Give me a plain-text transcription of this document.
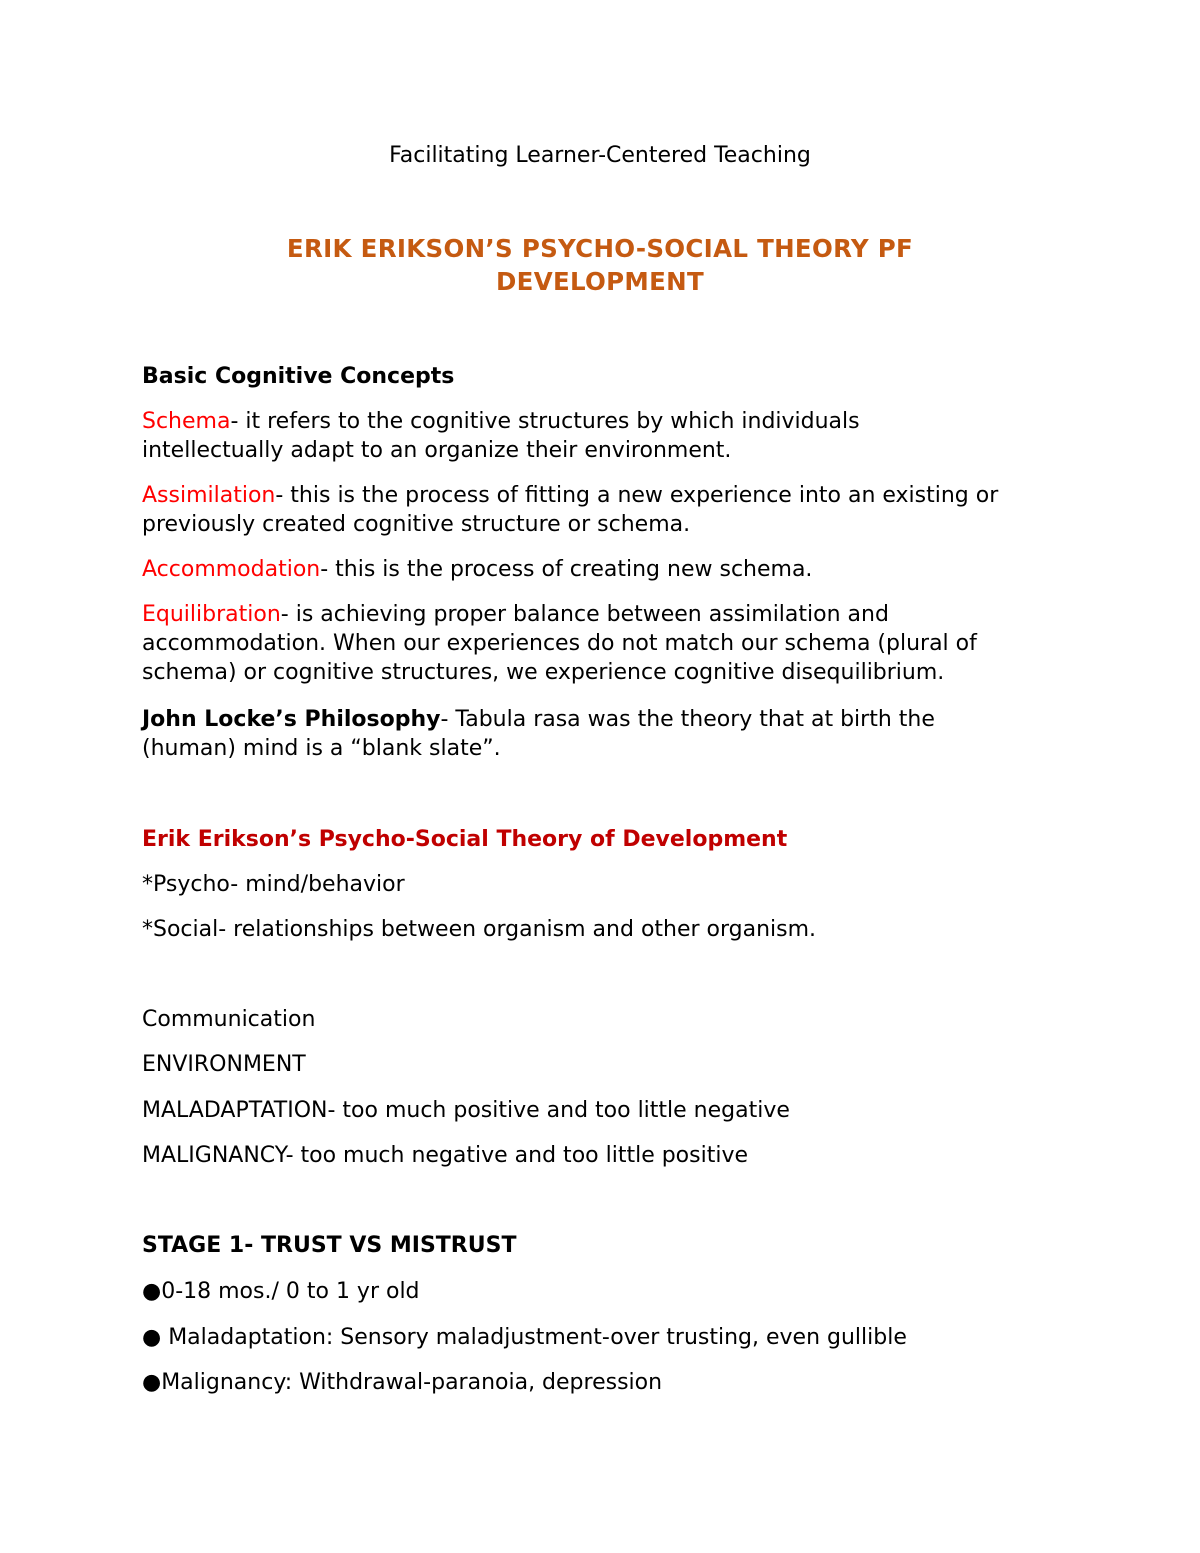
Facilitating Learner-Centered Teaching
ERIK ERIKSON’S PSYCHO-SOCIAL THEORY PF
DEVELOPMENT
Basic Cognitive Concepts
Schema- it refers to the cognitive structures by which individuals
intellectually adapt to an organize their environment.
Assimilation- this is the process of fitting a new experience into an existing or
previously created cognitive structure or schema.
Accommodation- this is the process of creating new schema.
Equilibration- is achieving proper balance between assimilation and
accommodation. When our experiences do not match our schema (plural of
schema) or cognitive structures, we experience cognitive disequilibrium.
John Locke’s Philosophy- Tabula rasa was the theory that at birth the
(human) mind is a “blank slate”.
Erik Erikson’s Psycho-Social Theory of Development
*Psycho- mind/behavior
*Social- relationships between organism and other organism.
Communication
ENVIRONMENT
MALADAPTATION- too much positive and too little negative
MALIGNANCY- too much negative and too little positive
STAGE 1- TRUST VS MISTRUST
●0-18 mos./ 0 to 1 yr old
● Maladaptation: Sensory maladjustment-over trusting, even gullible
●Malignancy: Withdrawal-paranoia, depression
